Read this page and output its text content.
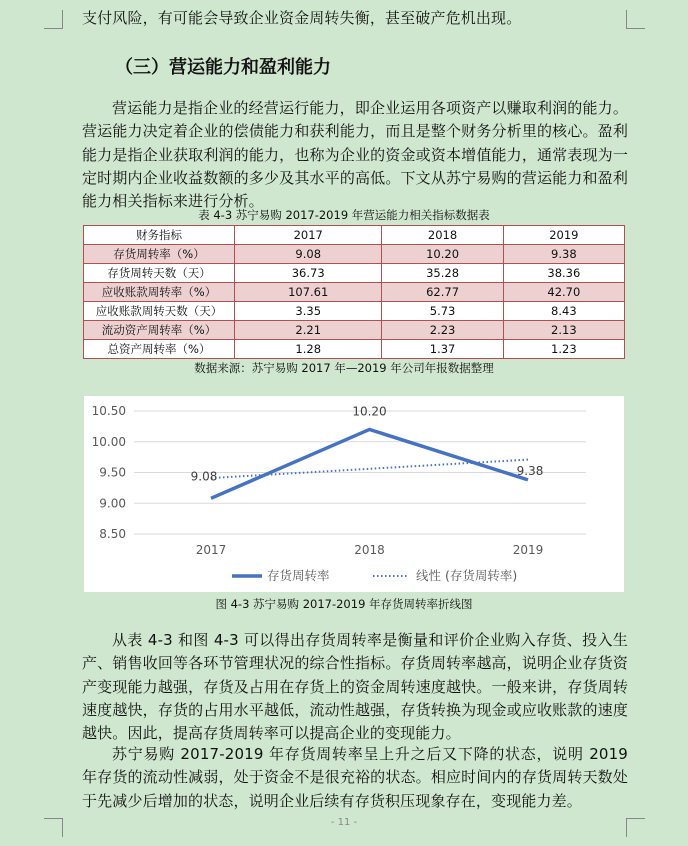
支付风险，有可能会导致企业资金周转失衡，甚至破产危机出现。

（三）营运能力和盈利能力

营运能力是指企业的经营运行能力，即企业运用各项资产以赚取利润的能力。营运能力决定着企业的偿债能力和获利能力，而且是整个财务分析里的核心。盈利能力是指企业获取利润的能力，也称为企业的资金或资本增值能力，通常表现为一定时期内企业收益数额的多少及其水平的高低。下文从苏宁易购的营运能力和盈利能力相关指标来进行分析。

表 4-3 苏宁易购 2017-2019 年营运能力相关指标数据表
财务指标	2017	2018	2019
存货周转率（%）	9.08	10.20	9.38
存货周转天数（天）	36.73	35.28	38.36
应收账款周转率（%）	107.61	62.77	42.70
应收账款周转天数（天）	3.35	5.73	8.43
流动资产周转率（%）	2.21	2.23	2.13
总资产周转率（%）	1.28	1.37	1.23
数据来源：苏宁易购 2017 年—2019 年公司年报数据整理
8.50
9.00
9.50
10.00
10.50
2017	2018	2019
9.08
10.20
9.38
存货周转率	线性 (存货周转率)
图 4-3 苏宁易购 2017-2019 年存货周转率折线图

从表 4-3 和图 4-3 可以得出存货周转率是衡量和评价企业购入存货、投入生产、销售收回等各环节管理状况的综合性指标。存货周转率越高，说明企业存货资产变现能力越强，存货及占用在存货上的资金周转速度越快。一般来讲，存货周转速度越快，存货的占用水平越低，流动性越强，存货转换为现金或应收账款的速度越快。因此，提高存货周转率可以提高企业的变现能力。

苏宁易购 2017-2019 年存货周转率呈上升之后又下降的状态，说明 2019 年存货的流动性减弱，处于资金不是很充裕的状态。相应时间内的存货周转天数处于先减少后增加的状态，说明企业后续有存货积压现象存在，变现能力差。

- 11 -
